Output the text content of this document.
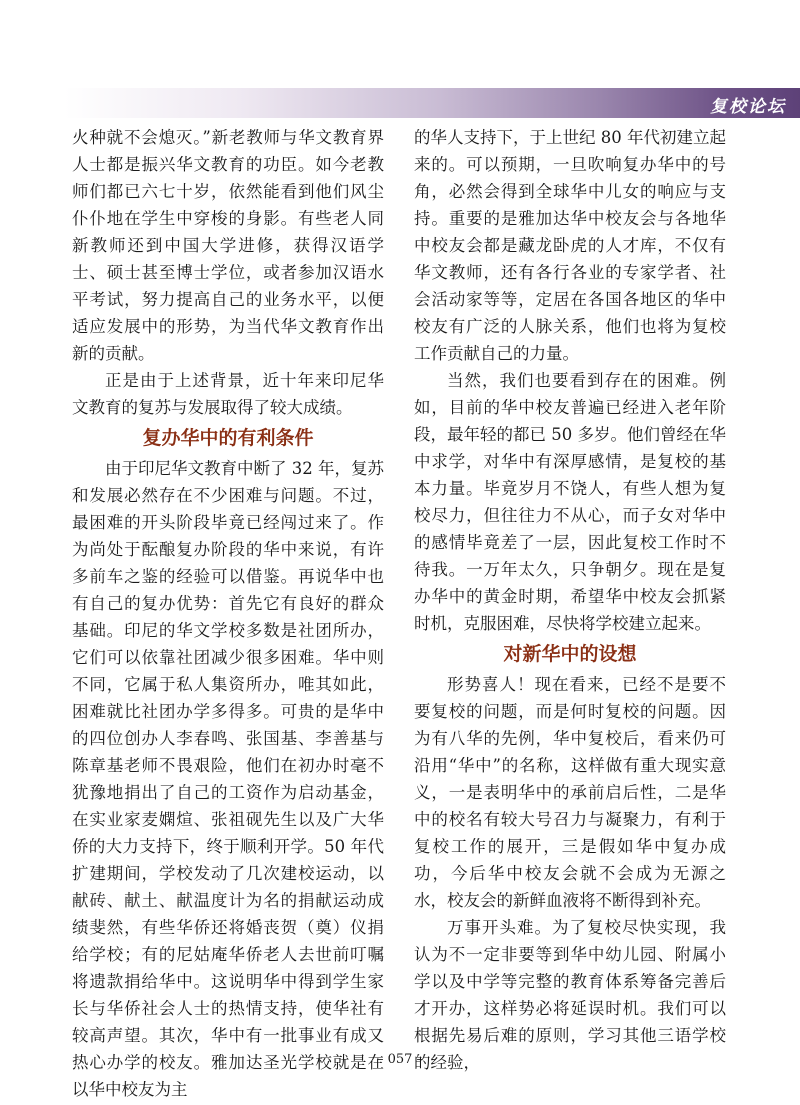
复校论坛

火种就不会熄灭。”新老教师与华文教育界人士都是振兴华文教育的功臣。如今老教师们都已六七十岁，依然能看到他们风尘仆仆地在学生中穿梭的身影。有些老人同新教师还到中国大学进修，获得汉语学士、硕士甚至博士学位，或者参加汉语水平考试，努力提高自己的业务水平，以便适应发展中的形势，为当代华文教育作出新的贡献。

正是由于上述背景，近十年来印尼华文教育的复苏与发展取得了较大成绩。

复办华中的有利条件

由于印尼华文教育中断了 32 年，复苏和发展必然存在不少困难与问题。不过，最困难的开头阶段毕竟已经闯过来了。作为尚处于酝酿复办阶段的华中来说，有许多前车之鉴的经验可以借鉴。再说华中也有自己的复办优势：首先它有良好的群众基础。印尼的华文学校多数是社团所办，它们可以依靠社团减少很多困难。华中则不同，它属于私人集资所办，唯其如此，困难就比社团办学多得多。可贵的是华中的四位创办人李春鸣、张国基、李善基与陈章基老师不畏艰险，他们在初办时毫不犹豫地捐出了自己的工资作为启动基金，在实业家麦嫻煊、张祖砚先生以及广大华侨的大力支持下，终于顺利开学。50 年代扩建期间，学校发动了几次建校运动，以献砖、献土、献温度计为名的捐献运动成绩斐然，有些华侨还将婚丧贺（奠）仪捐给学校；有的尼姑庵华侨老人去世前叮嘱将遗款捐给华中。这说明华中得到学生家长与华侨社会人士的热情支持，使华社有较高声望。其次，华中有一批事业有成又热心办学的校友。雅加达圣光学校就是在以华中校友为主

的华人支持下，于上世纪 80 年代初建立起来的。可以预期，一旦吹响复办华中的号角，必然会得到全球华中儿女的响应与支持。重要的是雅加达华中校友会与各地华中校友会都是藏龙卧虎的人才库，不仅有华文教师，还有各行各业的专家学者、社会活动家等等，定居在各国各地区的华中校友有广泛的人脉关系，他们也将为复校工作贡献自己的力量。

当然，我们也要看到存在的困难。例如，目前的华中校友普遍已经进入老年阶段，最年轻的都已 50 多岁。他们曾经在华中求学，对华中有深厚感情，是复校的基本力量。毕竟岁月不饶人，有些人想为复校尽力，但往往力不从心，而子女对华中的感情毕竟差了一层，因此复校工作时不待我。一万年太久，只争朝夕。现在是复办华中的黄金时期，希望华中校友会抓紧时机，克服困难，尽快将学校建立起来。

对新华中的设想

形势喜人！现在看来，已经不是要不要复校的问题，而是何时复校的问题。因为有八华的先例，华中复校后，看来仍可沿用“华中”的名称，这样做有重大现实意义，一是表明华中的承前启后性，二是华中的校名有较大号召力与凝聚力，有利于复校工作的展开，三是假如华中复办成功，今后华中校友会就不会成为无源之水，校友会的新鲜血液将不断得到补充。

万事开头难。为了复校尽快实现，我认为不一定非要等到华中幼儿园、附属小学以及中学等完整的教育体系筹备完善后才开办，这样势必将延误时机。我们可以根据先易后难的原则，学习其他三语学校的经验，

– 057 –
